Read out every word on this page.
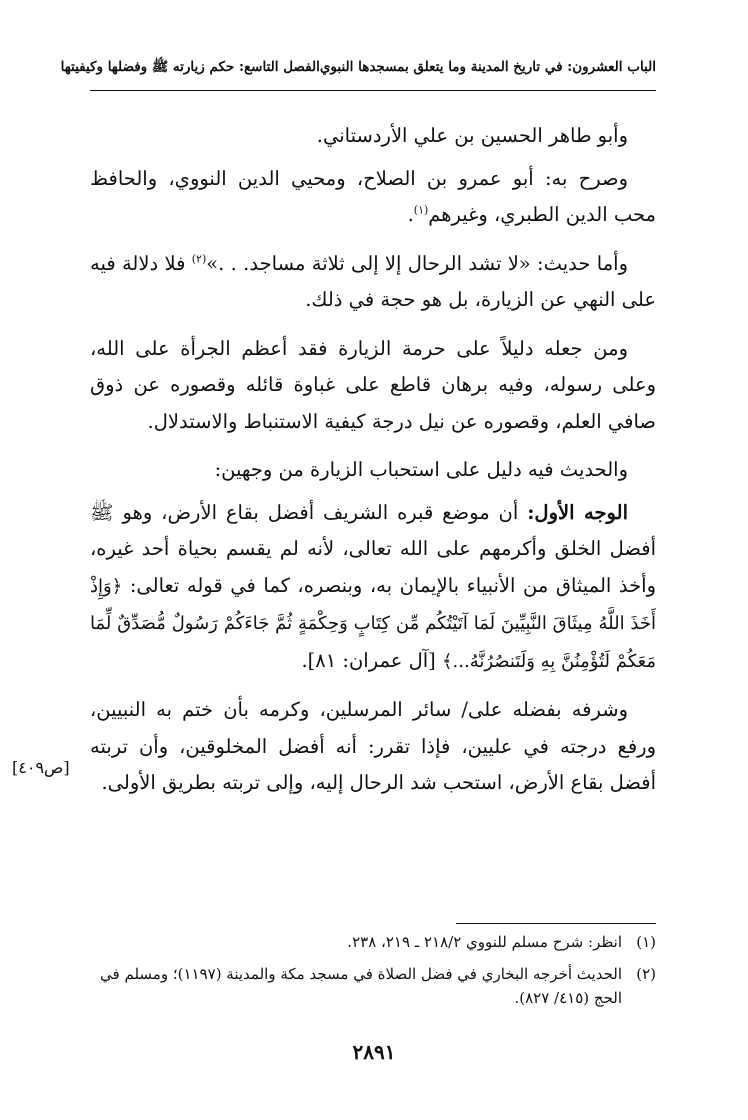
الباب العشرون: في تاريخ المدينة وما يتعلق بمسجدها النبوي
الفصل التاسع: حكم زيارته ﷺ وفضلها وكيفيتها

وأبو طاهر الحسين بن علي الأردستاني.

وصرح به: أبو عمرو بن الصلاح، ومحيي الدين النووي، والحافظ محب الدين الطبري، وغيرهم$^{(١)}$.

وأما حديث: «لا تشد الرحال إلا إلى ثلاثة مساجد. . .»$^{(٢)}$ فلا دلالة فيه على النهي عن الزيارة، بل هو حجة في ذلك.

ومن جعله دليلاً على حرمة الزيارة فقد أعظم الجرأة على الله، وعلى رسوله، وفيه برهان قاطع على غباوة قائله وقصوره عن ذوق صافي العلم، وقصوره عن نيل درجة كيفية الاستنباط والاستدلال.

والحديث فيه دليل على استحباب الزيارة من وجهين:

الوجه الأول: أن موضع قبره الشريف أفضل بقاع الأرض، وهو ﷺ أفضل الخلق وأكرمهم على الله تعالى، لأنه لم يقسم بحياة أحد غيره، وأخذ الميثاق من الأنبياء بالإيمان به، وبنصره، كما في قوله تعالى: ﴿وَإِذْ أَخَذَ اللَّهُ مِيثَاقَ النَّبِيِّينَ لَمَا آتَيْتُكُم مِّن كِتَابٍ وَحِكْمَةٍ ثُمَّ جَاءَكُمْ رَسُولٌ مُّصَدِّقٌ لِّمَا مَعَكُمْ لَتُؤْمِنُنَّ بِهِ وَلَتَنصُرُنَّهُ...﴾ [آل عمران: ٨١].

وشرفه بفضله على/ سائر المرسلين، وكرمه بأن ختم به النبيين، ورفع درجته في عليين، فإذا تقرر: أنه أفضل المخلوقين، وأن تربته أفضل بقاع الأرض، استحب شد الرحال إليه، وإلى تربته بطريق الأولى.

[ص٤٠٩]
(١)
انظر: شرح مسلم للنووي ٢١٨/٢ ـ ٢١٩، ٢٣٨.
(٢)
الحديث أخرجه البخاري في فضل الصلاة في مسجد مكة والمدينة (١١٩٧)؛ ومسلم في الحج (٤١٥/ ٨٢٧).
٢٨٩١
